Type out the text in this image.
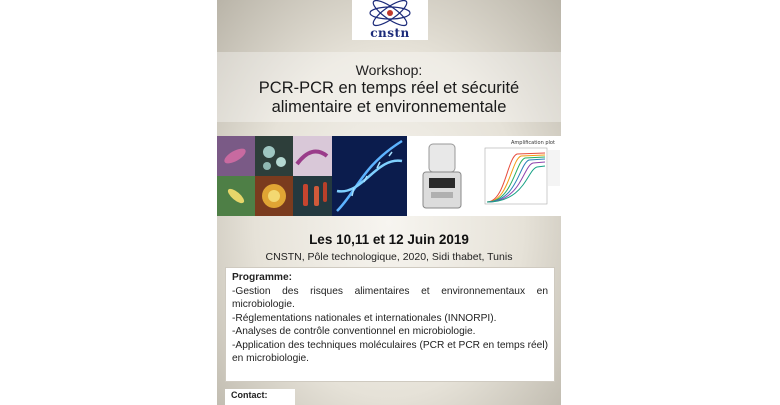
cnstn
Workshop:
PCR-PCR en temps réel et sécurité
alimentaire et environnementale
Amplification plot
Les 10,11 et 12 Juin 2019
CNSTN, Pôle technologique, 2020, Sidi thabet, Tunis
Programme:
-Gestion des risques alimentaires et environnementaux en microbiologie.
-Réglementations nationales et internationales (INNORPI).
-Analyses de contrôle conventionnel en microbiologie.
-Application des techniques moléculaires (PCR et PCR en temps réel) en microbiologie.
Contact:
